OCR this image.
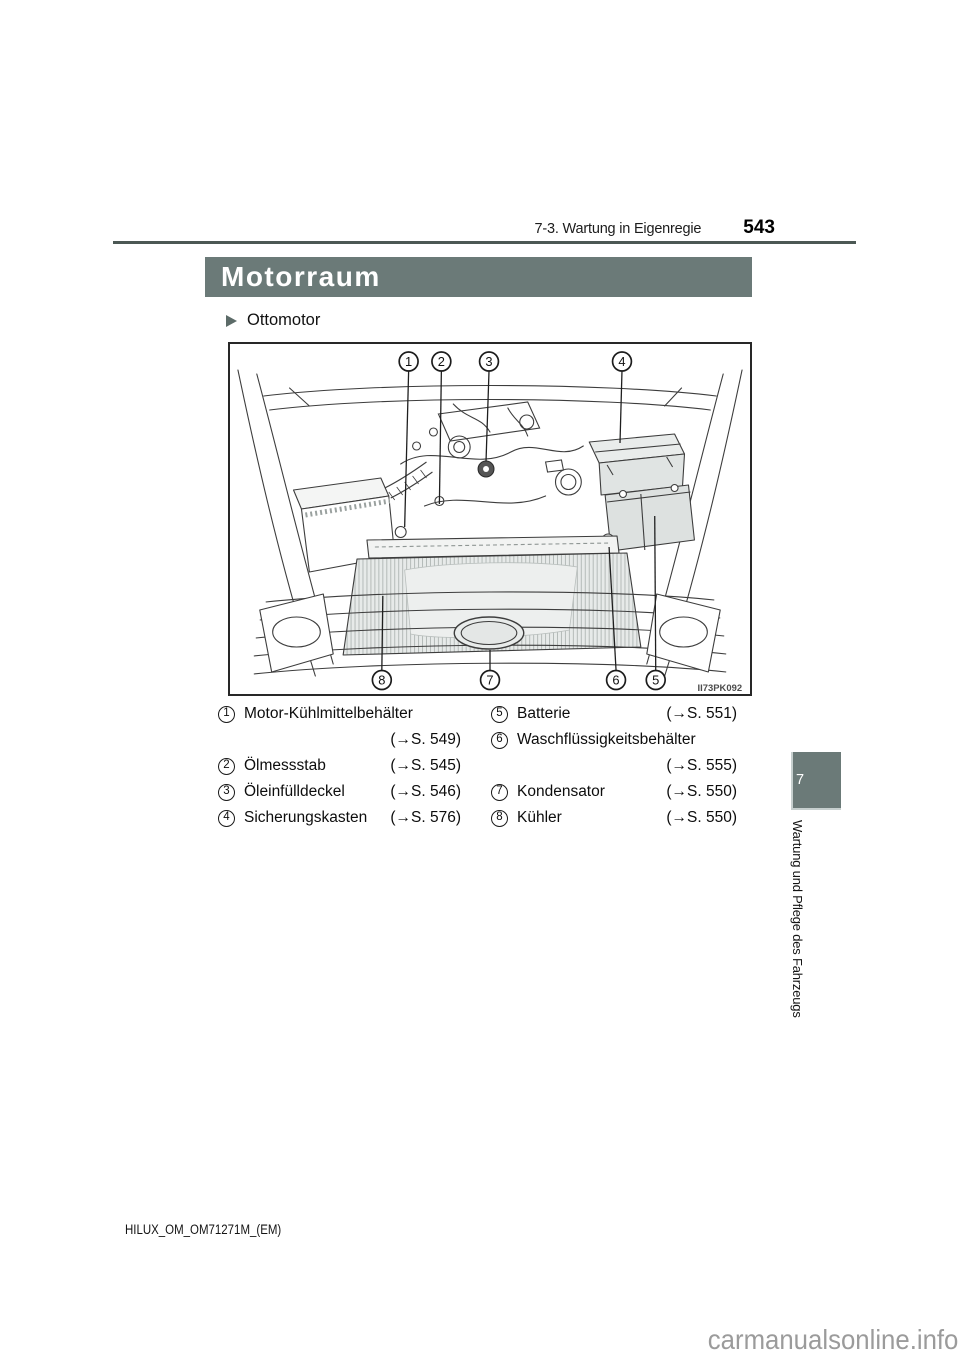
7-3. Wartung in Eigenregie 543
Motorraum
Ottomotor
1 2	3	4
8	7	6	5
II73PK092
1 Motor-Kühlmittelbehälter
(→S. 549)
2 Ölmessstab	(→S. 545)
3 Öleinfülldeckel	(→S. 546)
4 Sicherungskasten (→S. 576)
5 Batterie	(→S. 551)
6 Waschflüssigkeitsbehälter
(→S. 555)
7 Kondensator	(→S. 550)
8 Kühler	(→S. 550)
7
Wartung und Pflege des Fahrzeugs
HILUX_OM_OM71271M_(EM)
carmanualsonline.info
